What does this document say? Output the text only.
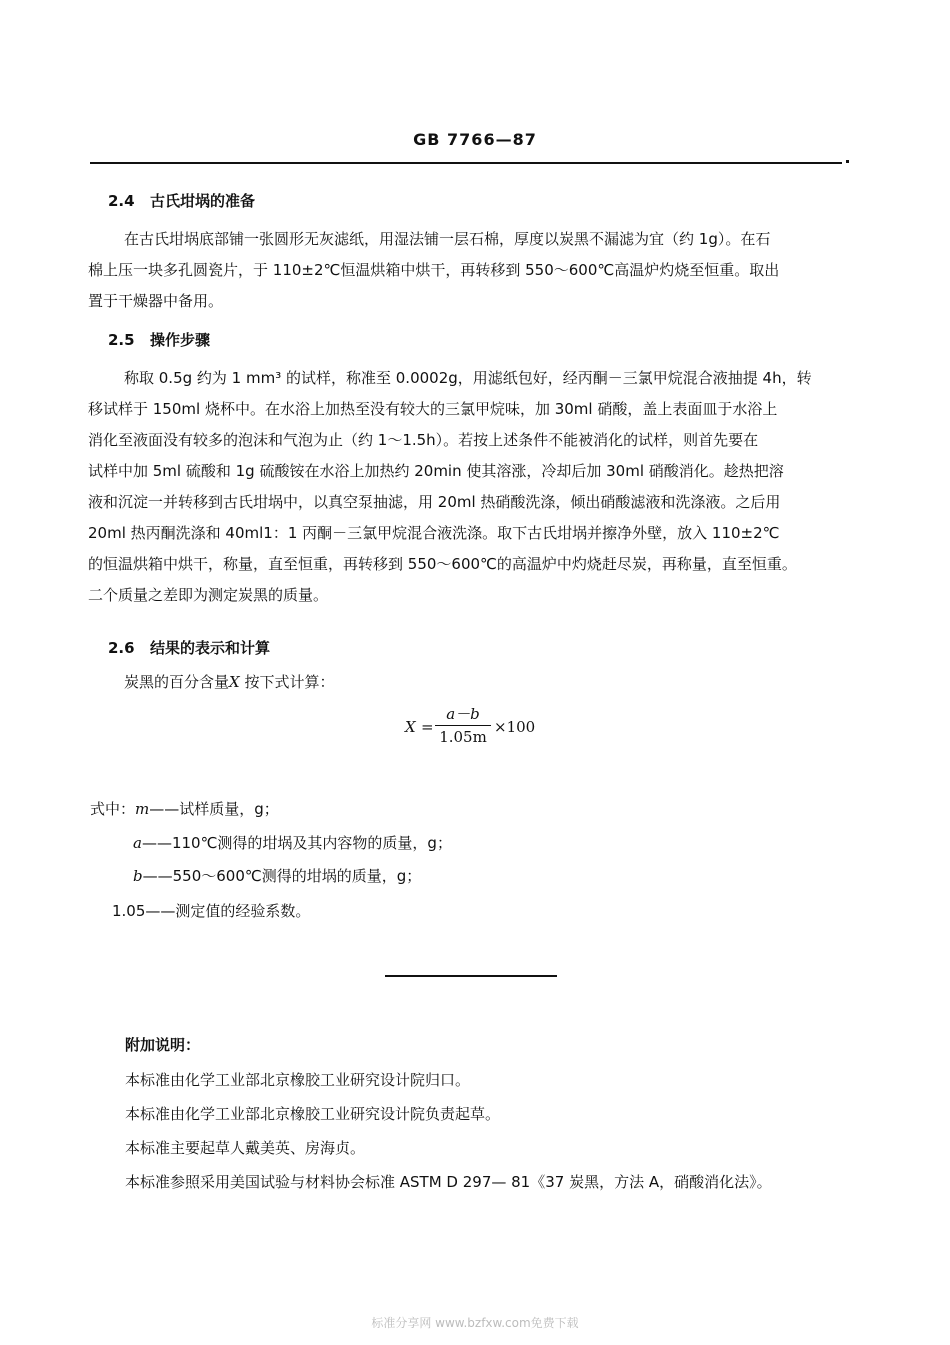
GB 7766—87
2.4 古氏坩埚的准备
在古氏坩埚底部铺一张圆形无灰滤纸，用湿法铺一层石棉，厚度以炭黑不漏滤为宜（约 1g）。在石
棉上压一块多孔圆瓷片，于 110±2℃恒温烘箱中烘干，再转移到 550～600℃高温炉灼烧至恒重。取出
置于干燥器中备用。
2.5 操作步骤
称取 0.5g 约为 1 mm³ 的试样，称准至 0.0002g，用滤纸包好，经丙酮－三氯甲烷混合液抽提 4h，转
移试样于 150ml 烧杯中。在水浴上加热至没有较大的三氯甲烷味，加 30ml 硝酸，盖上表面皿于水浴上
消化至液面没有较多的泡沫和气泡为止（约 1～1.5h）。若按上述条件不能被消化的试样，则首先要在
试样中加 5ml 硫酸和 1g 硫酸铵在水浴上加热约 20min 使其溶涨，冷却后加 30ml 硝酸消化。趁热把溶
液和沉淀一并转移到古氏坩埚中，以真空泵抽滤，用 20ml 热硝酸洗涤，倾出硝酸滤液和洗涤液。之后用
20ml 热丙酮洗涤和 40ml1：1 丙酮－三氯甲烷混合液洗涤。取下古氏坩埚并擦净外壁，放入 110±2℃
的恒温烘箱中烘干，称量，直至恒重，再转移到 550～600℃的高温炉中灼烧赶尽炭，再称量，直至恒重。
二个质量之差即为测定炭黑的质量。
2.6 结果的表示和计算
炭黑的百分含量X 按下式计算：
X =
a－b
1.05m
×100
式中：m——试样质量，g；
a——110℃测得的坩埚及其内容物的质量，g；
b——550～600℃测得的坩埚的质量，g；
1.05——测定值的经验系数。
附加说明：
本标准由化学工业部北京橡胶工业研究设计院归口。
本标准由化学工业部北京橡胶工业研究设计院负责起草。
本标准主要起草人戴美英、房海贞。
本标准参照采用美国试验与材料协会标准 ASTM D 297— 81《37 炭黑，方法 A，硝酸消化法》。
标准分享网 www.bzfxw.com免费下载
